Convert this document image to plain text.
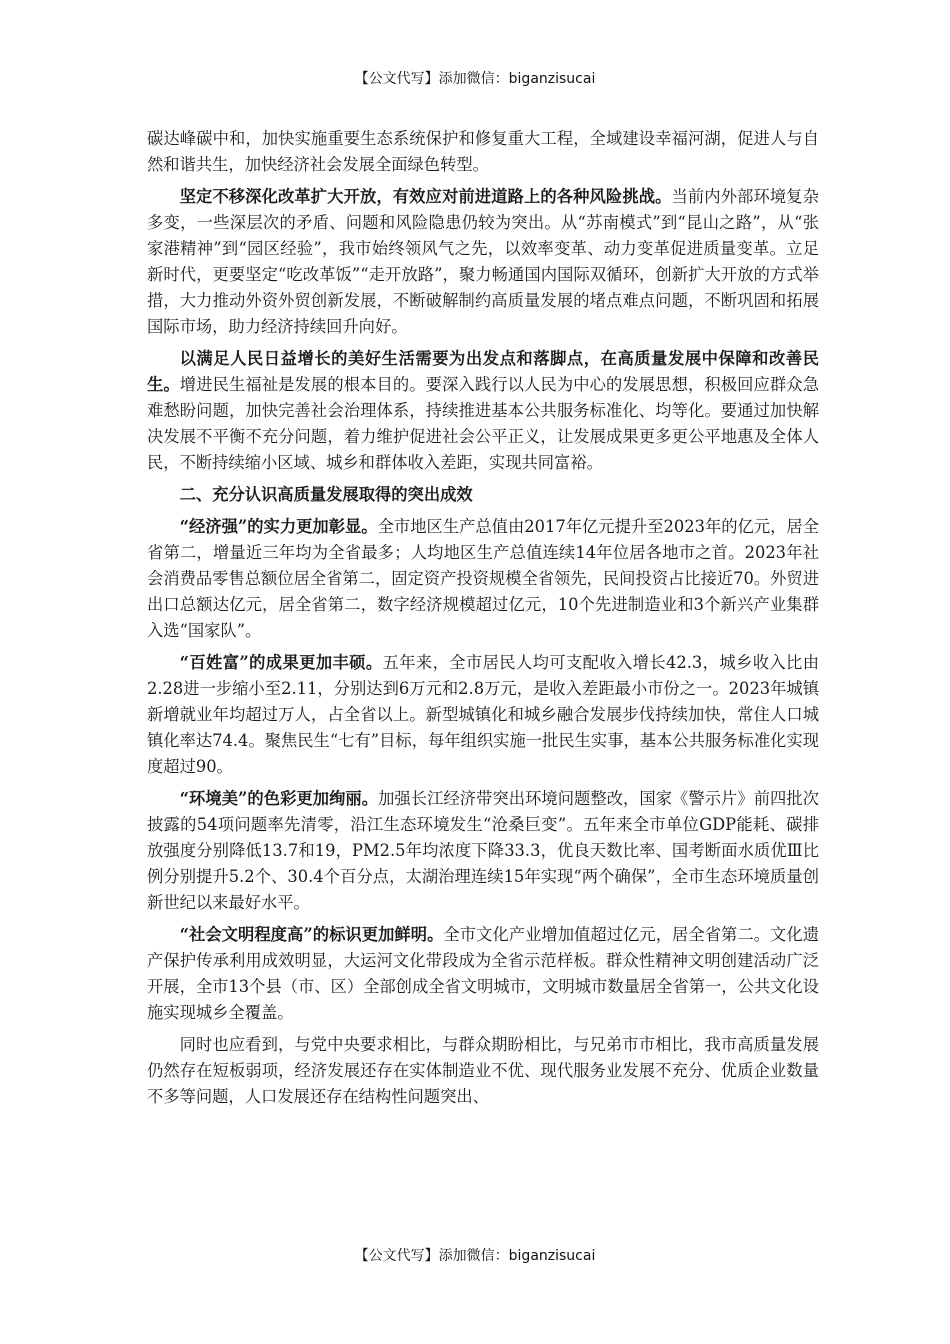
【公文代写】添加微信：biganzisucai

碳达峰碳中和，加快实施重要生态系统保护和修复重大工程，全域建设幸福河湖，促进人与自然和谐共生，加快经济社会发展全面绿色转型。

坚定不移深化改革扩大开放，有效应对前进道路上的各种风险挑战。当前内外部环境复杂多变，一些深层次的矛盾、问题和风险隐患仍较为突出。从“苏南模式”到“昆山之路”，从“张家港精神”到“园区经验”，我市始终领风气之先，以效率变革、动力变革促进质量变革。立足新时代，更要坚定“吃改革饭”“走开放路”，聚力畅通国内国际双循环，创新扩大开放的方式举措，大力推动外资外贸创新发展，不断破解制约高质量发展的堵点难点问题，不断巩固和拓展国际市场，助力经济持续回升向好。

以满足人民日益增长的美好生活需要为出发点和落脚点，在高质量发展中保障和改善民生。增进民生福祉是发展的根本目的。要深入践行以人民为中心的发展思想，积极回应群众急难愁盼问题，加快完善社会治理体系，持续推进基本公共服务标准化、均等化。要通过加快解决发展不平衡不充分问题，着力维护促进社会公平正义，让发展成果更多更公平地惠及全体人民，不断持续缩小区域、城乡和群体收入差距，实现共同富裕。

二、充分认识高质量发展取得的突出成效

“经济强”的实力更加彰显。全市地区生产总值由2017年亿元提升至2023年的亿元，居全省第二，增量近三年均为全省最多；人均地区生产总值连续14年位居各地市之首。2023年社会消费品零售总额位居全省第二，固定资产投资规模全省领先，民间投资占比接近70。外贸进出口总额达亿元，居全省第二，数字经济规模超过亿元，10个先进制造业和3个新兴产业集群入选“国家队”。

“百姓富”的成果更加丰硕。五年来，全市居民人均可支配收入增长42.3，城乡收入比由2.28进一步缩小至2.11，分别达到6万元和2.8万元，是收入差距最小市份之一。2023年城镇新增就业年均超过万人，占全省以上。新型城镇化和城乡融合发展步伐持续加快，常住人口城镇化率达74.4。聚焦民生“七有”目标，每年组织实施一批民生实事，基本公共服务标准化实现度超过90。

“环境美”的色彩更加绚丽。加强长江经济带突出环境问题整改，国家《警示片》前四批次披露的54项问题率先清零，沿江生态环境发生“沧桑巨变”。五年来全市单位GDP能耗、碳排放强度分别降低13.7和19，PM2.5年均浓度下降33.3，优良天数比率、国考断面水质优Ⅲ比例分别提升5.2个、30.4个百分点，太湖治理连续15年实现“两个确保”，全市生态环境质量创新世纪以来最好水平。

“社会文明程度高”的标识更加鲜明。全市文化产业增加值超过亿元，居全省第二。文化遗产保护传承利用成效明显，大运河文化带段成为全省示范样板。群众性精神文明创建活动广泛开展，全市13个县（市、区）全部创成全省文明城市，文明城市数量居全省第一，公共文化设施实现城乡全覆盖。

同时也应看到，与党中央要求相比，与群众期盼相比，与兄弟市市相比，我市高质量发展仍然存在短板弱项，经济发展还存在实体制造业不优、现代服务业发展不充分、优质企业数量不多等问题，人口发展还存在结构性问题突出、

【公文代写】添加微信：biganzisucai
